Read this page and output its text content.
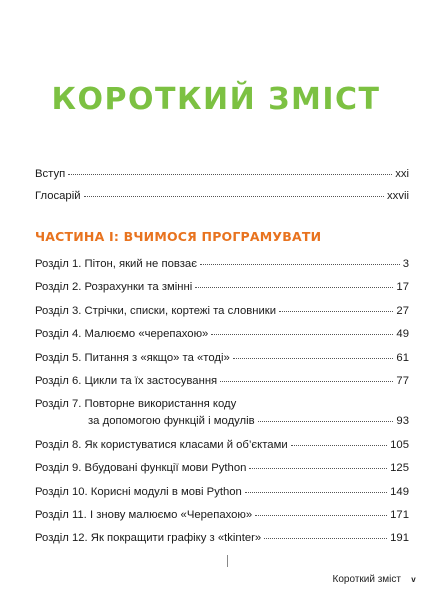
КОРОТКИЙ ЗМІСТ
Вступ	xxi
Глосарій	xxvii
ЧАСТИНА І: ВЧИМОСЯ ПРОГРАМУВАТИ
Розділ 1. Пітон, який не повзає	3
Розділ 2. Розрахунки та змінні	17
Розділ 3. Стрічки, списки, кортежі та словники	27
Розділ 4. Малюємо «черепахою»	49
Розділ 5. Питання з «якщо» та «тоді»	61
Розділ 6. Цикли та їх застосування	77
Розділ 7. Повторне використання коду
за допомогою функцій і модулів	93
Розділ 8. Як користуватися класами й об’єктами	105
Розділ 9. Вбудовані функції мови Python	125
Розділ 10. Корисні модулі в мові Python	149
Розділ 11. І знову малюємо «Черепахою»	171
Розділ 12. Як покращити графіку з «tkinter»	191
Короткий зміст v
